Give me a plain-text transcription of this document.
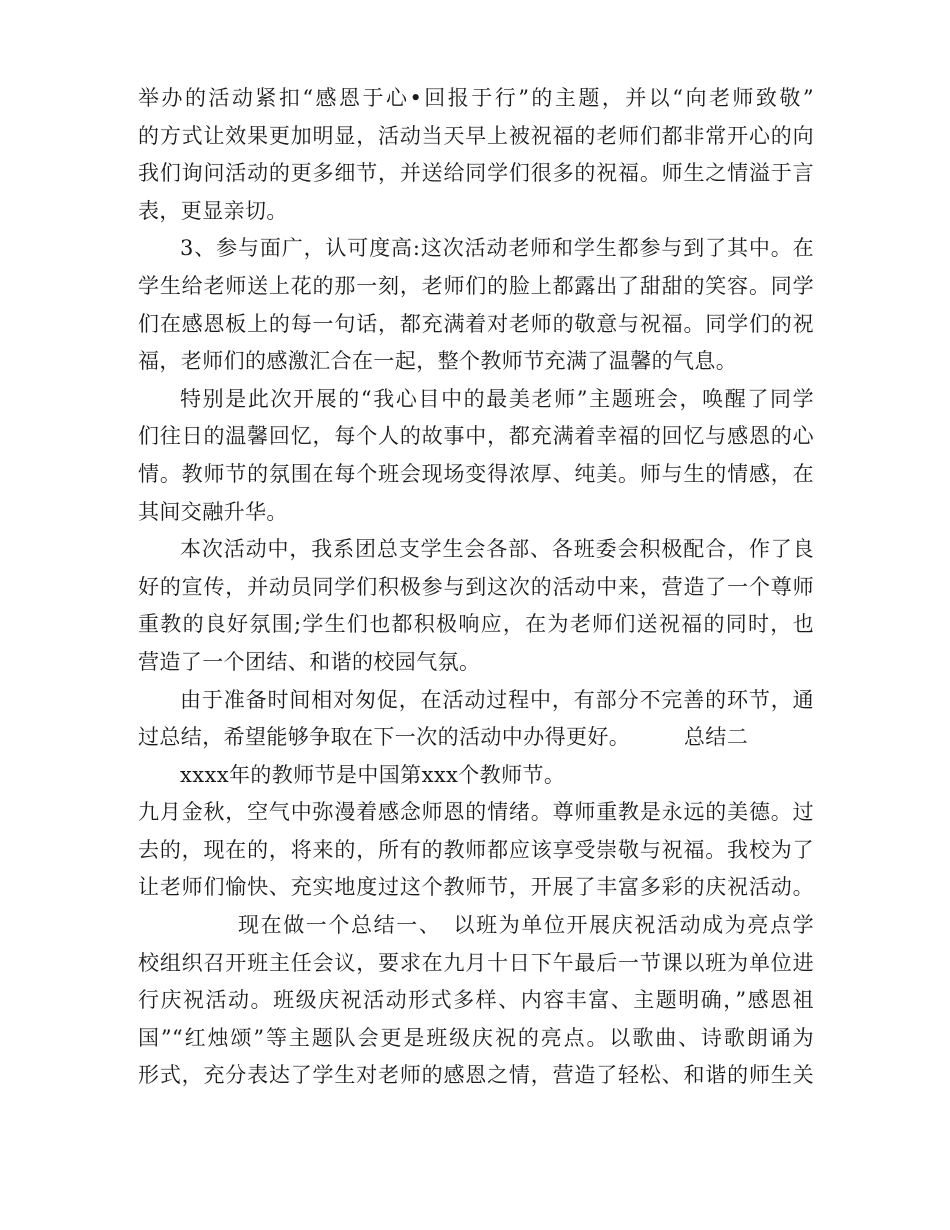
举办的活动紧扣“感恩于心•回报于行”的主题，并以“向老师致敬”
的方式让效果更加明显，活动当天早上被祝福的老师们都非常开心的向
我们询问活动的更多细节，并送给同学们很多的祝福。师生之情溢于言
表，更显亲切。
3、参与面广，认可度高:这次活动老师和学生都参与到了其中。在
学生给老师送上花的那一刻，老师们的脸上都露出了甜甜的笑容。同学
们在感恩板上的每一句话，都充满着对老师的敬意与祝福。同学们的祝
福，老师们的感激汇合在一起，整个教师节充满了温馨的气息。
特别是此次开展的“我心目中的最美老师”主题班会，唤醒了同学
们往日的温馨回忆，每个人的故事中，都充满着幸福的回忆与感恩的心
情。教师节的氛围在每个班会现场变得浓厚、纯美。师与生的情感，在
其间交融升华。
本次活动中，我系团总支学生会各部、各班委会积极配合，作了良
好的宣传，并动员同学们积极参与到这次的活动中来，营造了一个尊师
重教的良好氛围;学生们也都积极响应，在为老师们送祝福的同时，也
营造了一个团结、和谐的校园气氛。
由于准备时间相对匆促，在活动过程中，有部分不完善的环节，通
过总结，希望能够争取在下一次的活动中办得更好。　　　总结二
xxxx年的教师节是中国第xxx个教师节。
九月金秋，空气中弥漫着感念师恩的情绪。尊师重教是永远的美德。过
去的，现在的，将来的，所有的教师都应该享受崇敬与祝福。我校为了
让老师们愉快、充实地度过这个教师节，开展了丰富多彩的庆祝活动。
现在做一个总结一、　以班为单位开展庆祝活动成为亮点学
校组织召开班主任会议，要求在九月十日下午最后一节课以班为单位进
行庆祝活动。班级庆祝活动形式多样、内容丰富、主题明确，”感恩祖
国”“红烛颂”等主题队会更是班级庆祝的亮点。以歌曲、诗歌朗诵为
形式，充分表达了学生对老师的感恩之情，营造了轻松、和谐的师生关
